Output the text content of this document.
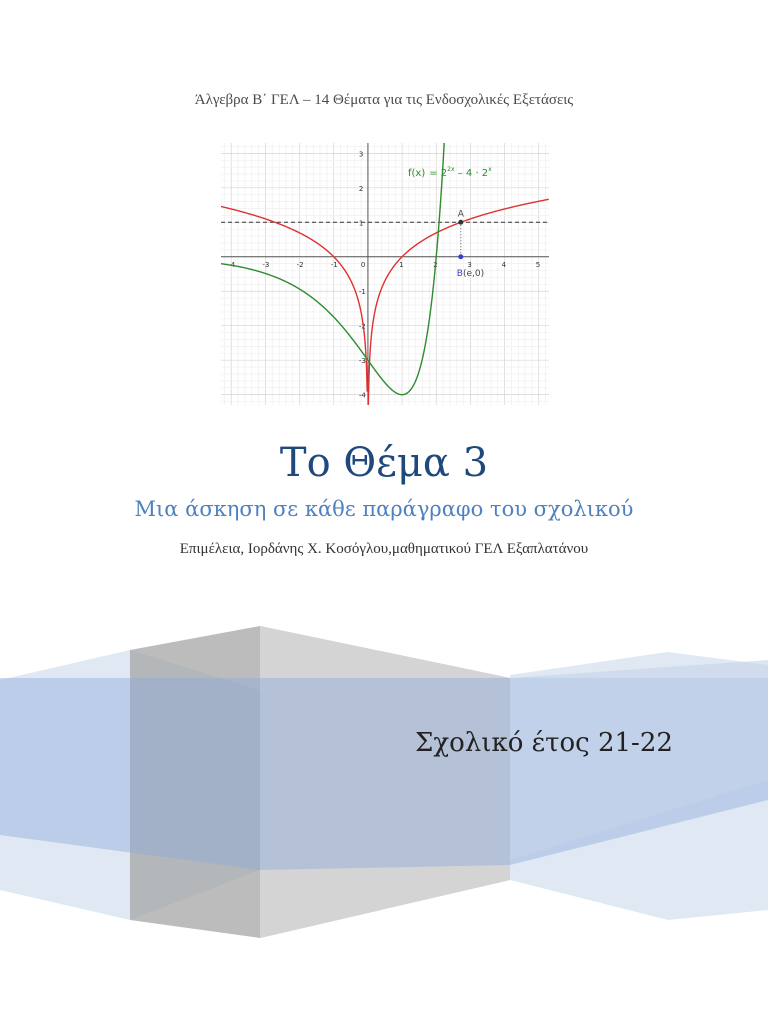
Άλγεβρα Β΄ ΓΕΛ – 14 Θέματα για τις Ενδοσχολικές Εξετάσεις
-4	-3	-2	-1	0	1	2	3	4	5
3
2
1
-1
-2
-3
-4
A
B(e,0)
$f(x) = 2^{2x} - 4 \cdot 2^x$
Το Θέμα 3
Μια άσκηση σε κάθε παράγραφο του σχολικού
Επιμέλεια, Ιορδάνης Χ. Κοσόγλου,μαθηματικού ΓΕΛ Εξαπλατάνου
Σχολικό έτος 21-22
